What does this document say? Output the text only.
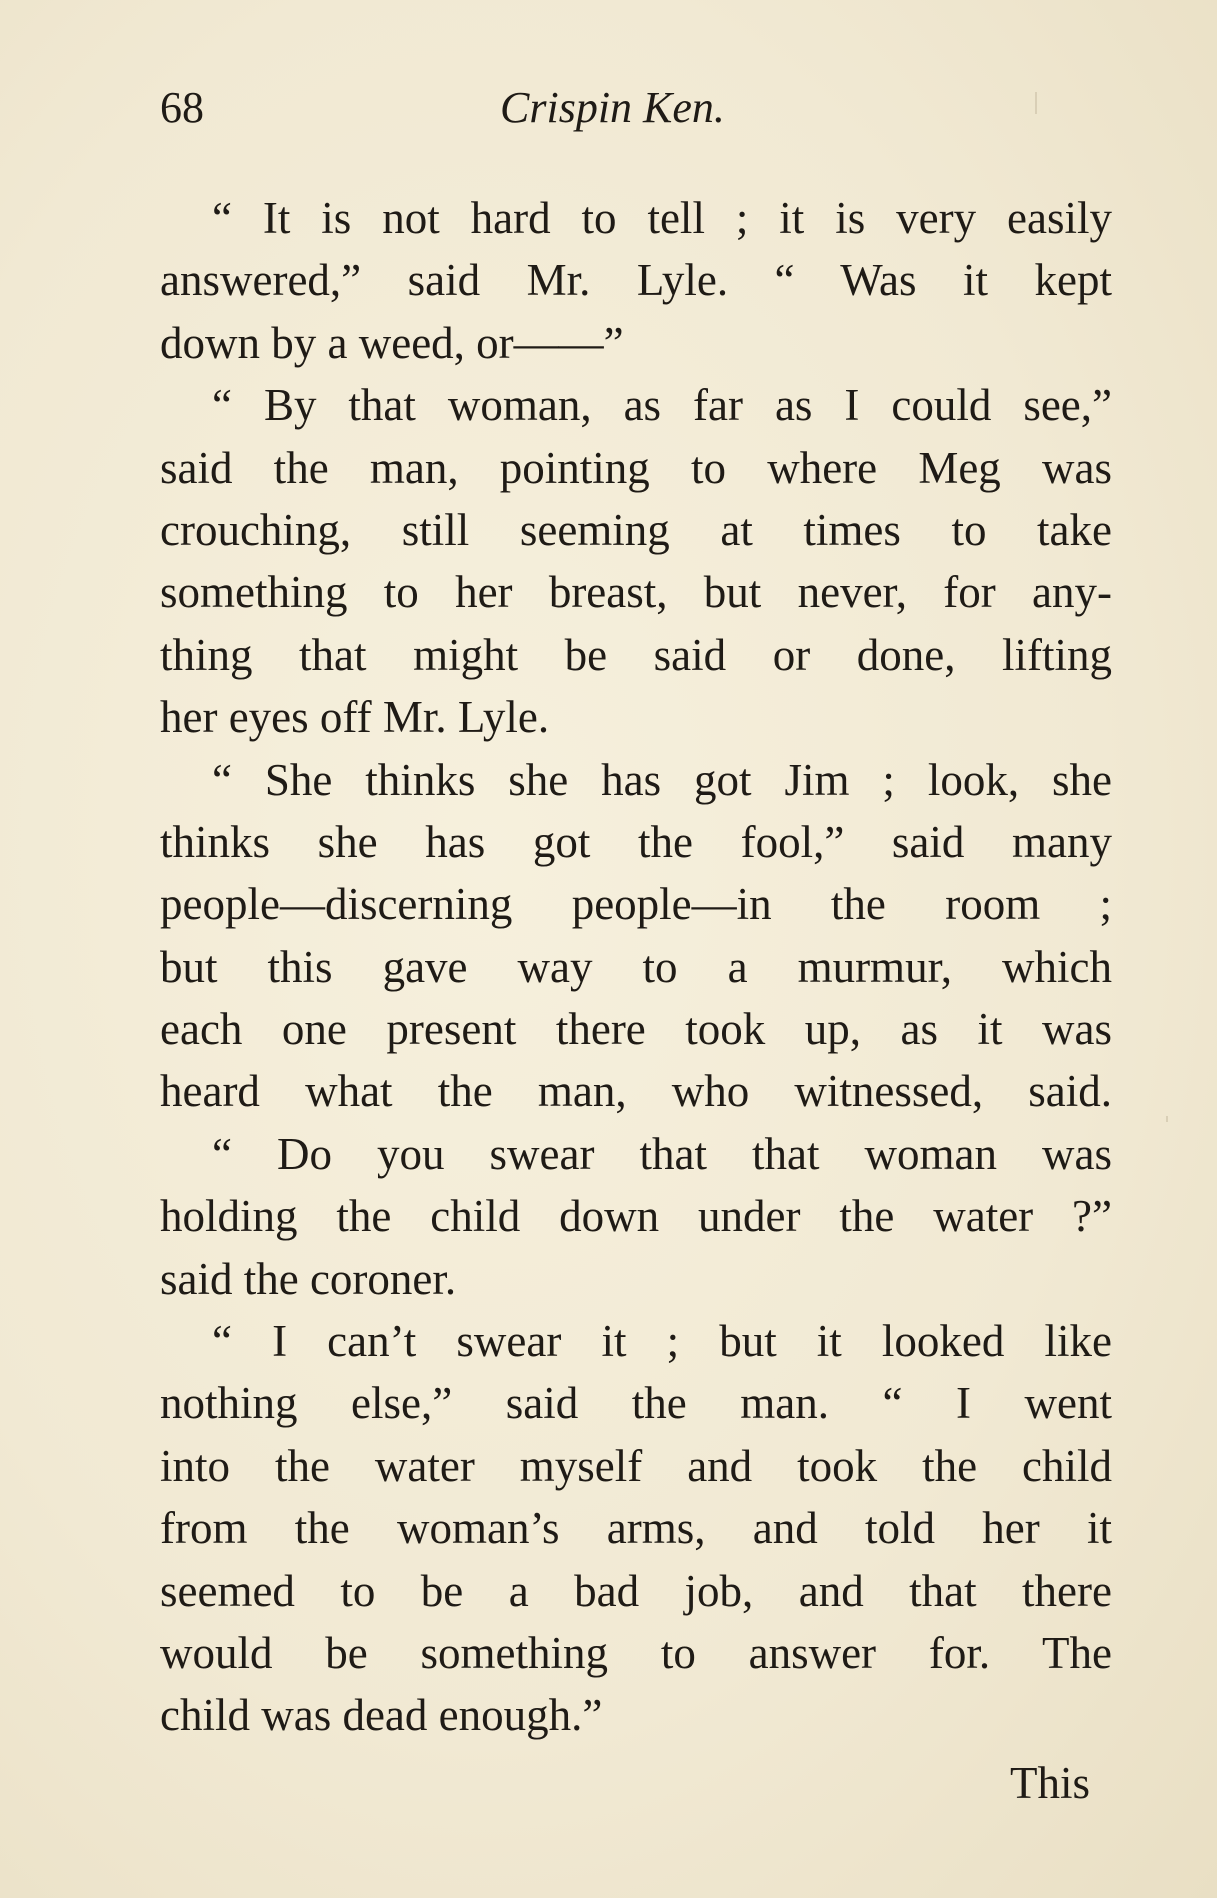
68	Crispin Ken.
“ It is not hard to tell ; it is very easily
answered,” said Mr. Lyle. “ Was it kept
down by a weed, or——”
“ By that woman, as far as I could see,”
said the man, pointing to where Meg was
crouching, still seeming at times to take
something to her breast, but never, for any-
thing that might be said or done, lifting
her eyes off Mr. Lyle.
“ She thinks she has got Jim ; look, she
thinks she has got the fool,” said many
people—discerning people—in the room ;
but this gave way to a murmur, which
each one present there took up, as it was
heard what the man, who witnessed, said.
“ Do you swear that that woman was
holding the child down under the water ?”
said the coroner.
“ I can’t swear it ; but it looked like
nothing else,” said the man. “ I went
into the water myself and took the child
from the woman’s arms, and told her it
seemed to be a bad job, and that there
would be something to answer for. The
child was dead enough.”
This
